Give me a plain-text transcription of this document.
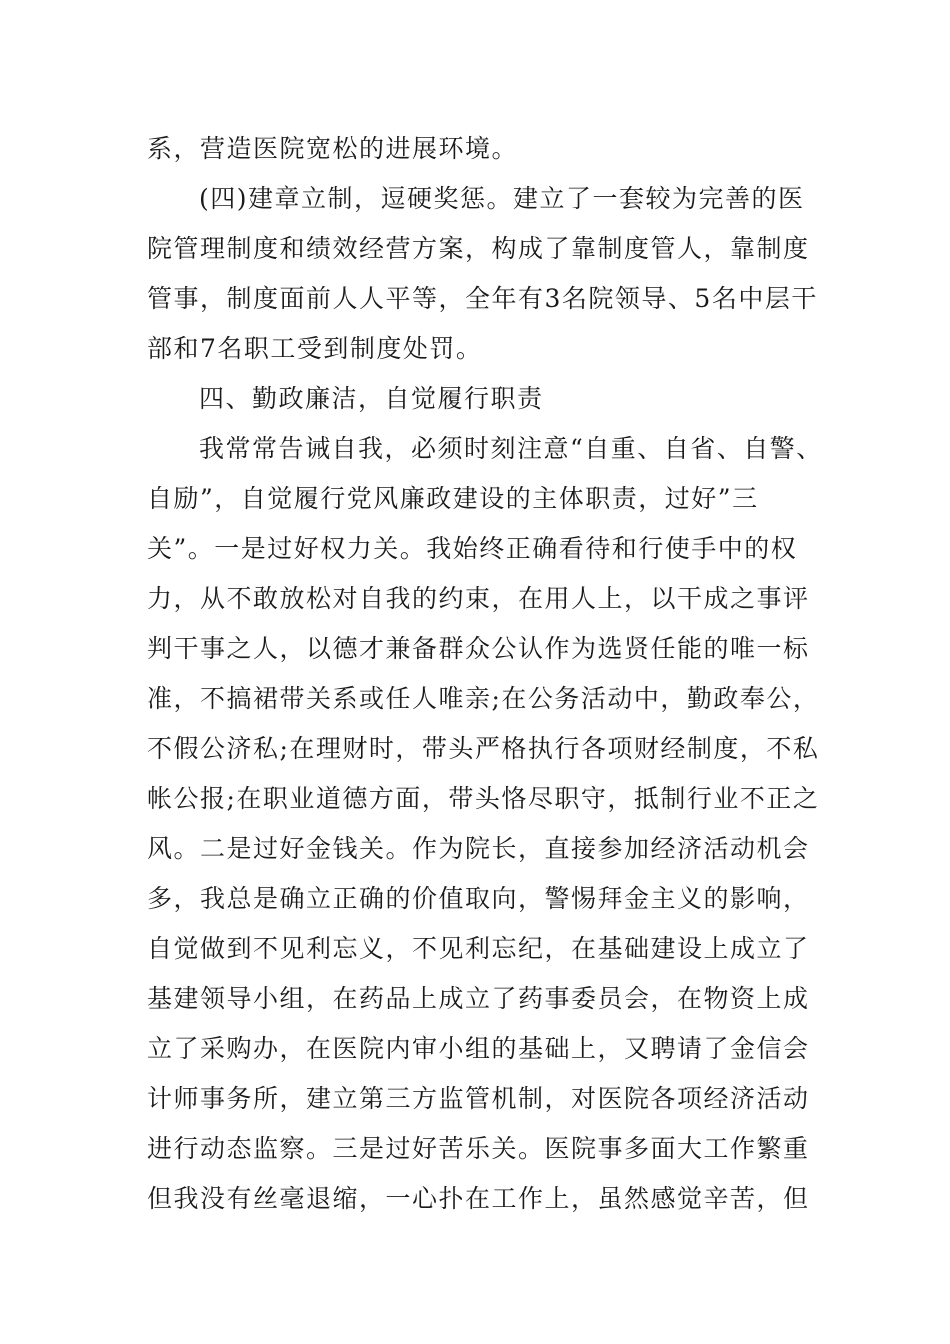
系，营造医院宽松的进展环境。
(四)建章立制，逗硬奖惩。建立了一套较为完善的医
院管理制度和绩效经营方案，构成了靠制度管人，靠制度
管事，制度面前人人平等，全年有3名院领导、5名中层干
部和7名职工受到制度处罚。
四、勤政廉洁，自觉履行职责
我常常告诫自我，必须时刻注意“自重、自省、自警、
自励”，自觉履行党风廉政建设的主体职责，过好”三
关”。一是过好权力关。我始终正确看待和行使手中的权
力，从不敢放松对自我的约束，在用人上，以干成之事评
判干事之人，以德才兼备群众公认作为选贤任能的唯一标
准，不搞裙带关系或任人唯亲;在公务活动中，勤政奉公，
不假公济私;在理财时，带头严格执行各项财经制度，不私
帐公报;在职业道德方面，带头恪尽职守，抵制行业不正之
风。二是过好金钱关。作为院长，直接参加经济活动机会
多，我总是确立正确的价值取向，警惕拜金主义的影响，
自觉做到不见利忘义，不见利忘纪，在基础建设上成立了
基建领导小组，在药品上成立了药事委员会，在物资上成
立了采购办，在医院内审小组的基础上，又聘请了金信会
计师事务所，建立第三方监管机制，对医院各项经济活动
进行动态监察。三是过好苦乐关。医院事多面大工作繁重
但我没有丝毫退缩，一心扑在工作上，虽然感觉辛苦，但
